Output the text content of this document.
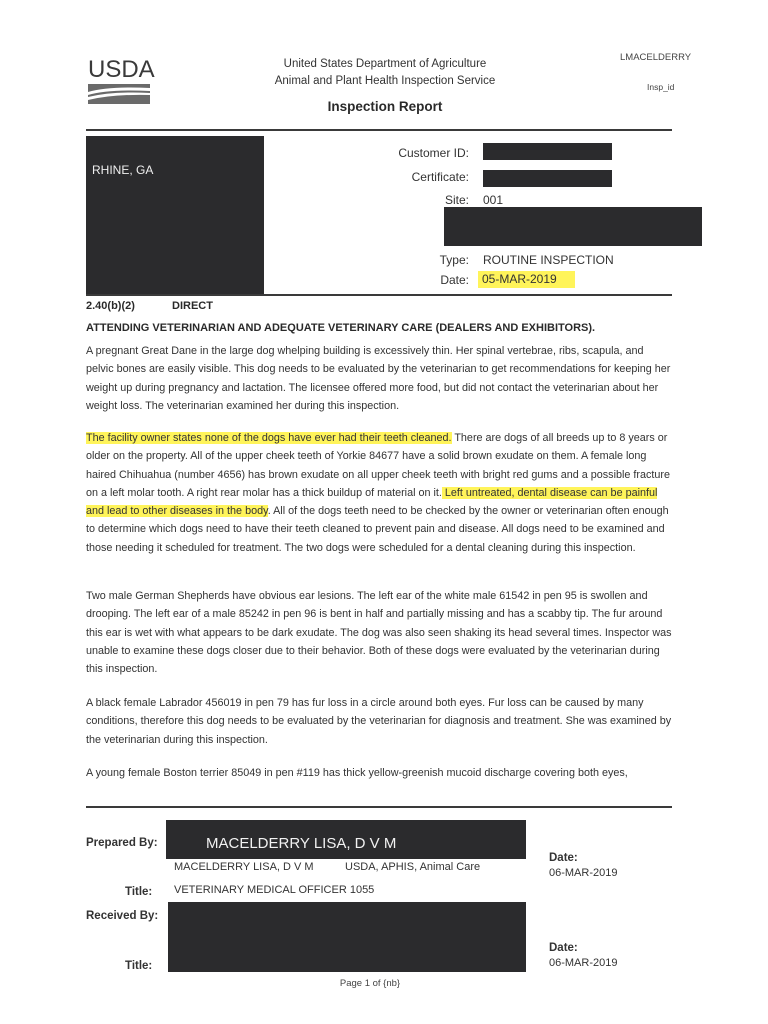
USDA	United States Department of Agriculture
Animal and Plant Health Inspection Service
Inspection Report
LMACELDERRY
Insp_id
RHINE, GA
Customer ID:
Certificate:
Site: 001
Type: ROUTINE INSPECTION
Date:	05-MAR-2019
2.40(b)(2)	DIRECT
ATTENDING VETERINARIAN AND ADEQUATE VETERINARY CARE (DEALERS AND EXHIBITORS).

A pregnant Great Dane in the large dog whelping building is excessively thin. Her spinal vertebrae, ribs, scapula, and pelvic bones are easily visible. This dog needs to be evaluated by the veterinarian to get recommendations for keeping her weight up during pregnancy and lactation. The licensee offered more food, but did not contact the veterinarian about her weight loss. The veterinarian examined her during this inspection.

The facility owner states none of the dogs have ever had their teeth cleaned. There are dogs of all breeds up to 8 years or older on the property. All of the upper cheek teeth of Yorkie 84677 have a solid brown exudate on them. A female long haired Chihuahua (number 4656) has brown exudate on all upper cheek teeth with bright red gums and a possible fracture on a left molar tooth. A right rear molar has a thick buildup of material on it. Left untreated, dental disease can be painful and lead to other diseases in the body. All of the dogs teeth need to be checked by the owner or veterinarian often enough to determine which dogs need to have their teeth cleaned to prevent pain and disease. All dogs need to be examined and those needing it scheduled for treatment. The two dogs were scheduled for a dental cleaning during this inspection.

Two male German Shepherds have obvious ear lesions. The left ear of the white male 61542 in pen 95 is swollen and drooping. The left ear of a male 85242 in pen 96 is bent in half and partially missing and has a scabby tip. The fur around this ear is wet with what appears to be dark exudate. The dog was also seen shaking its head several times. Inspector was unable to examine these dogs closer due to their behavior. Both of these dogs were evaluated by the veterinarian during this inspection.

A black female Labrador 456019 in pen 79 has fur loss in a circle around both eyes. Fur loss can be caused by many conditions, therefore this dog needs to be evaluated by the veterinarian for diagnosis and treatment. She was examined by the veterinarian during this inspection.

A young female Boston terrier 85049 in pen #119 has thick yellow-greenish mucoid discharge covering both eyes,

Prepared By:	MACELDERRY LISA, D V M
MACELDERRY LISA, D V M	USDA, APHIS, Animal Care
Title: VETERINARY MEDICAL OFFICER 1055
Received By:
Title:
Date:
06-MAR-2019
Date:
06-MAR-2019
Page 1 of {nb}
